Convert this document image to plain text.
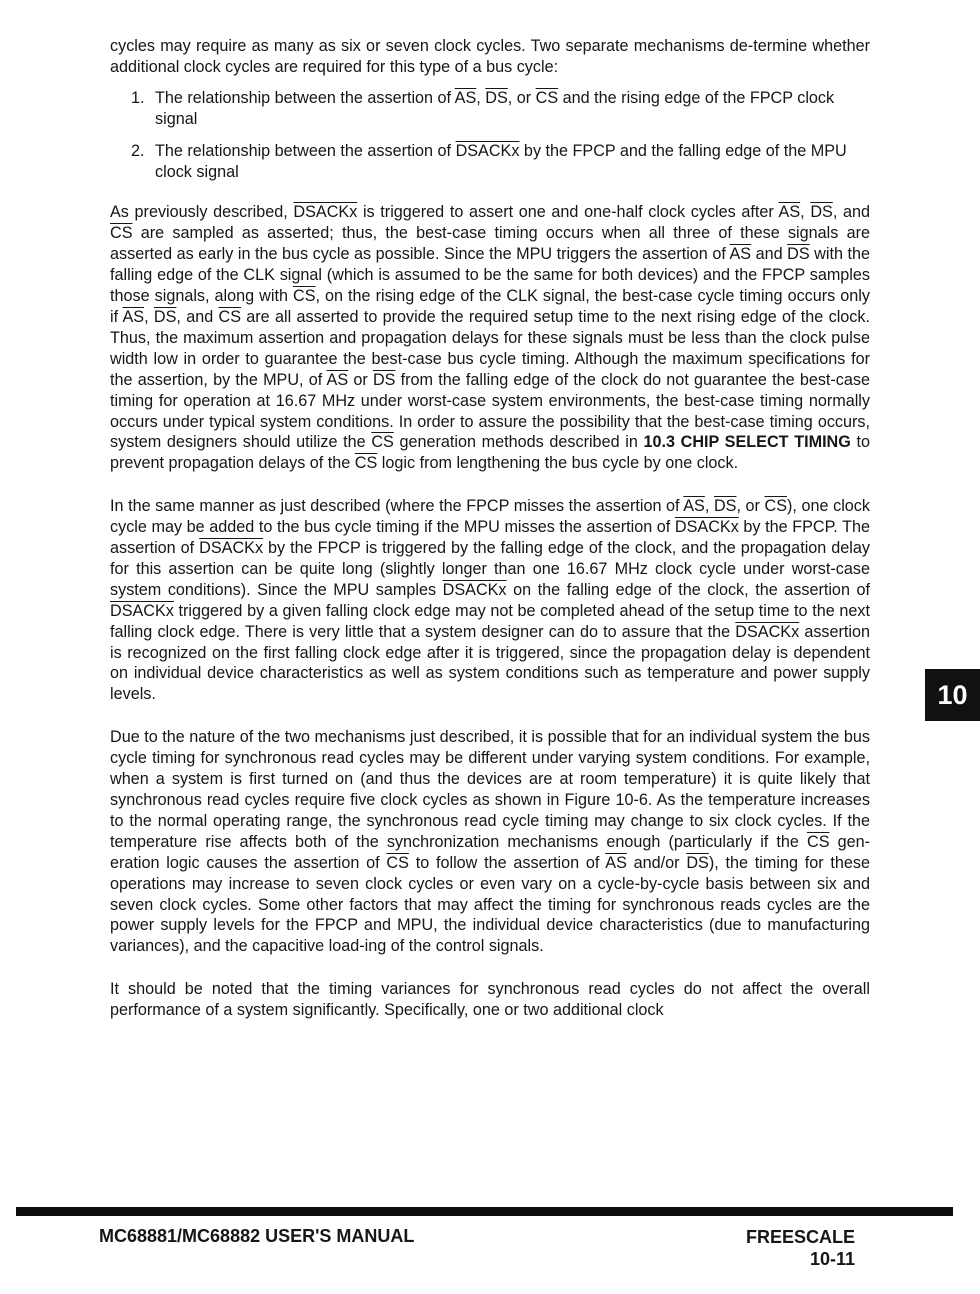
cycles may require as many as six or seven clock cycles. Two separate mechanisms de-termine whether additional clock cycles are required for this type of a bus cycle:

1. The relationship between the assertion of $\overline{AS}$, $\overline{DS}$, or $\overline{CS}$ and the rising edge of the FPCP clock signal
2. The relationship between the assertion of DSACKx by the FPCP and the falling edge of the MPU clock signal

As previously described, DSACKx is triggered to assert one and one-half clock cycles after $\overline{AS}$, $\overline{DS}$, and $\overline{CS}$ are sampled as asserted; thus, the best-case timing occurs when all three of these signals are asserted as early in the bus cycle as possible. Since the MPU triggers the assertion of $\overline{AS}$ and $\overline{DS}$ with the falling edge of the CLK signal (which is assumed to be the same for both devices) and the FPCP samples those signals, along with $\overline{CS}$, on the rising edge of the CLK signal, the best-case cycle timing occurs only if $\overline{AS}$, $\overline{DS}$, and $\overline{CS}$ are all asserted to provide the required setup time to the next rising edge of the clock. Thus, the maximum assertion and propagation delays for these signals must be less than the clock pulse width low in order to guarantee the best-case bus cycle timing. Although the maximum specifications for the assertion, by the MPU, of $\overline{AS}$ or $\overline{DS}$ from the falling edge of the clock do not guarantee the best-case timing for operation at 16.67 MHz under worst-case system environments, the best-case timing normally occurs under typical system conditions. In order to assure the possibility that the best-case timing occurs, system designers should utilize the $\overline{CS}$ generation methods described in 10.3 CHIP SELECT TIMING to prevent propagation delays of the $\overline{CS}$ logic from lengthening the bus cycle by one clock.

In the same manner as just described (where the FPCP misses the assertion of $\overline{AS}$, $\overline{DS}$, or $\overline{CS}$), one clock cycle may be added to the bus cycle timing if the MPU misses the assertion of DSACKx by the FPCP. The assertion of DSACKx by the FPCP is triggered by the falling edge of the clock, and the propagation delay for this assertion can be quite long (slightly longer than one 16.67 MHz clock cycle under worst-case system conditions). Since the MPU samples DSACKx on the falling edge of the clock, the assertion of DSACKx triggered by a given falling clock edge may not be completed ahead of the setup time to the next falling clock edge. There is very little that a system designer can do to assure that the DSACKx assertion is recognized on the first falling clock edge after it is triggered, since the propagation delay is dependent on individual device characteristics as well as system conditions such as temperature and power supply levels.

Due to the nature of the two mechanisms just described, it is possible that for an individual system the bus cycle timing for synchronous read cycles may be different under varying system conditions. For example, when a system is first turned on (and thus the devices are at room temperature) it is quite likely that synchronous read cycles require five clock cycles as shown in Figure 10-6. As the temperature increases to the normal operating range, the synchronous read cycle timing may change to six clock cycles. If the temperature rise affects both of the synchronization mechanisms enough (particularly if the $\overline{CS}$ gen-eration logic causes the assertion of $\overline{CS}$ to follow the assertion of $\overline{AS}$ and/or $\overline{DS}$), the timing for these operations may increase to seven clock cycles or even vary on a cycle-by-cycle basis between six and seven clock cycles. Some other factors that may affect the timing for synchronous reads cycles are the power supply levels for the FPCP and MPU, the individual device characteristics (due to manufacturing variances), and the capacitive load-ing of the control signals.

It should be noted that the timing variances for synchronous read cycles do not affect the overall performance of a system significantly. Specifically, one or two additional clock

10
MC68881/MC68882 USER'S MANUAL	FREESCALE
10-11
